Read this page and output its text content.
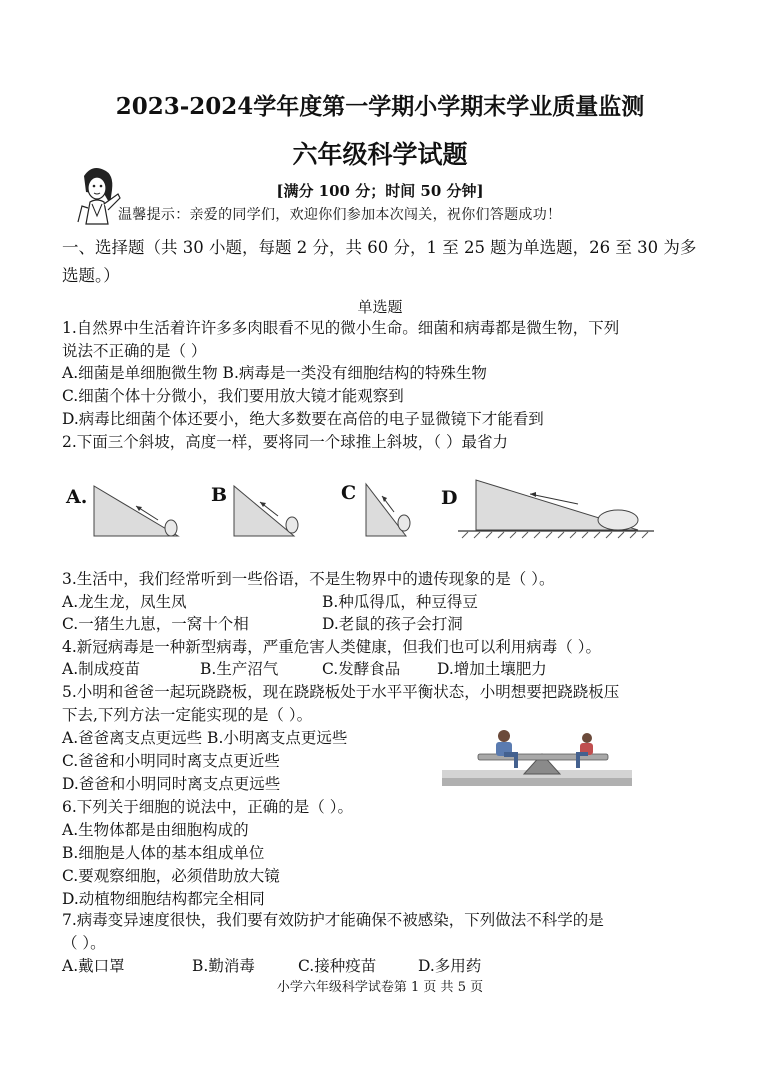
2023-2024学年度第一学期小学期末学业质量监测
六年级科学试题
[满分 100 分；时间 50 分钟]
温馨提示：亲爱的同学们，欢迎你们参加本次闯关，祝你们答题成功！
一、选择题（共 30 小题，每题 2 分，共 60 分，1 至 25 题为单选题，26 至 30 为多
选题。）
单选题
1.自然界中生活着许许多多肉眼看不见的微小生命。细菌和病毒都是微生物，下列
说法不正确的是（ ）
A.细菌是单细胞微生物 B.病毒是一类没有细胞结构的特殊生物
C.细菌个体十分微小，我们要用放大镜才能观察到
D.病毒比细菌个体还要小，绝大多数要在高倍的电子显微镜下才能看到
2.下面三个斜坡，高度一样，要将同一个球推上斜坡，（ ）最省力
A.	B	C	D
3.生活中，我们经常听到一些俗语，不是生物界中的遗传现象的是（ ）。
A.龙生龙，凤生凤	B.种瓜得瓜，种豆得豆
C.一猪生九崽，一窝十个相	D.老鼠的孩子会打洞
4.新冠病毒是一种新型病毒，严重危害人类健康，但我们也可以利用病毒（ ）。
A.制成疫苗	B.生产沼气	C.发酵食品 D.增加土壤肥力
5.小明和爸爸一起玩跷跷板，现在跷跷板处于水平平衡状态，小明想要把跷跷板压
下去,下列方法一定能实现的是（ ）。
A.爸爸离支点更远些 B.小明离支点更远些
C.爸爸和小明同时离支点更近些
D.爸爸和小明同时离支点更远些
6.下列关于细胞的说法中，正确的是（ ）。
A.生物体都是由细胞构成的
B.细胞是人体的基本组成单位
C.要观察细胞，必须借助放大镜
D.动植物细胞结构都完全相同
7.病毒变异速度很快，我们要有效防护才能确保不被感染，下列做法不科学的是
（ ）。
A.戴口罩	B.勤消毒	C.接种疫苗	D.多用药
小学六年级科学试卷第 1 页 共 5 页
